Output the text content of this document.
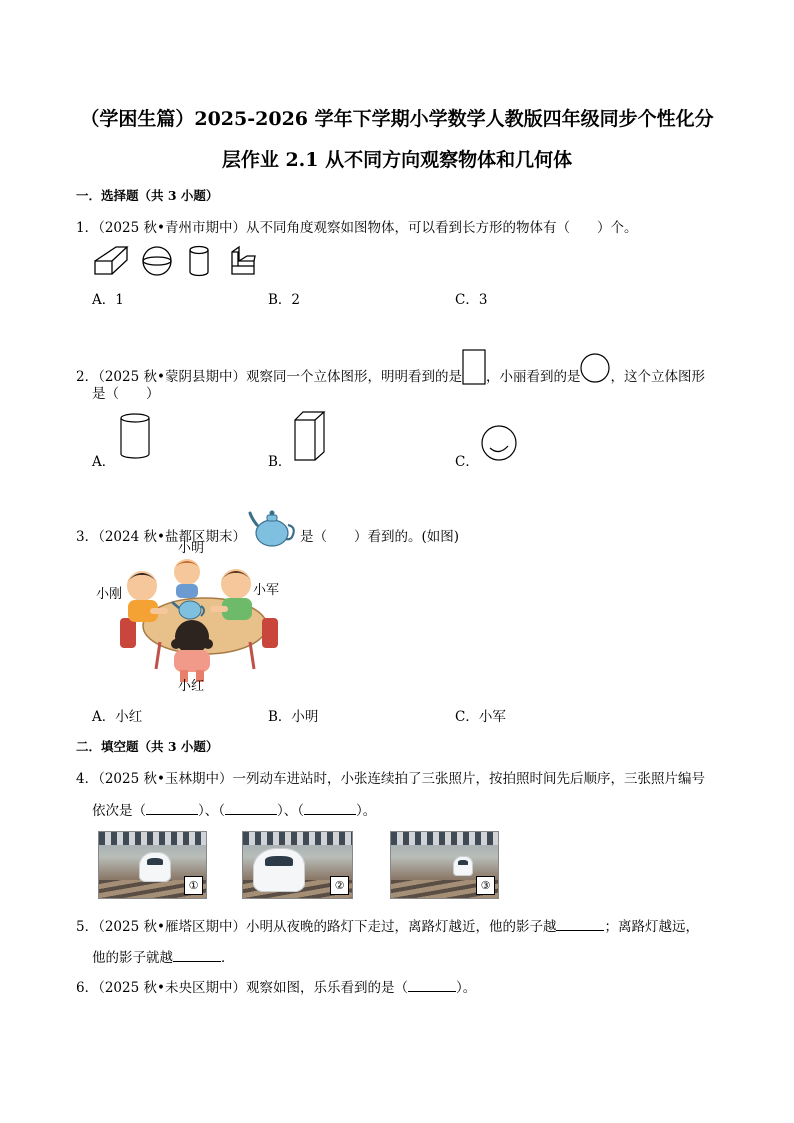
（学困生篇）2025-2026 学年下学期小学数学人教版四年级同步个性化分
层作业 2.1 从不同方向观察物体和几何体
一．选择题（共 3 小题）
1．（2025 秋•青州市期中）从不同角度观察如图物体，可以看到长方形的物体有（　　）个。
A．1	B．2	C．3
2．（2025 秋•蒙阴县期中）观察同一个立体图形，明明看到的是 ，小丽看到的是 ，这个立体图形
是（　　）
A．	B．	C．
3．（2024 秋•盐都区期末）	是（　　）看到的。(如图)
小明
小刚	小军
小红
A．小红	B．小明	C．小军
二．填空题（共 3 小题）
4．（2025 秋•玉林期中）一列动车进站时，小张连续拍了三张照片，按拍照时间先后顺序，三张照片编号
依次是（	）、（	）、（	）。
①	②	③
5．（2025 秋•雁塔区期中）小明从夜晚的路灯下走过，离路灯越近，他的影子越	；离路灯越远，
他的影子就越	．
6．（2025 秋•未央区期中）观察如图，乐乐看到的是（	）。
